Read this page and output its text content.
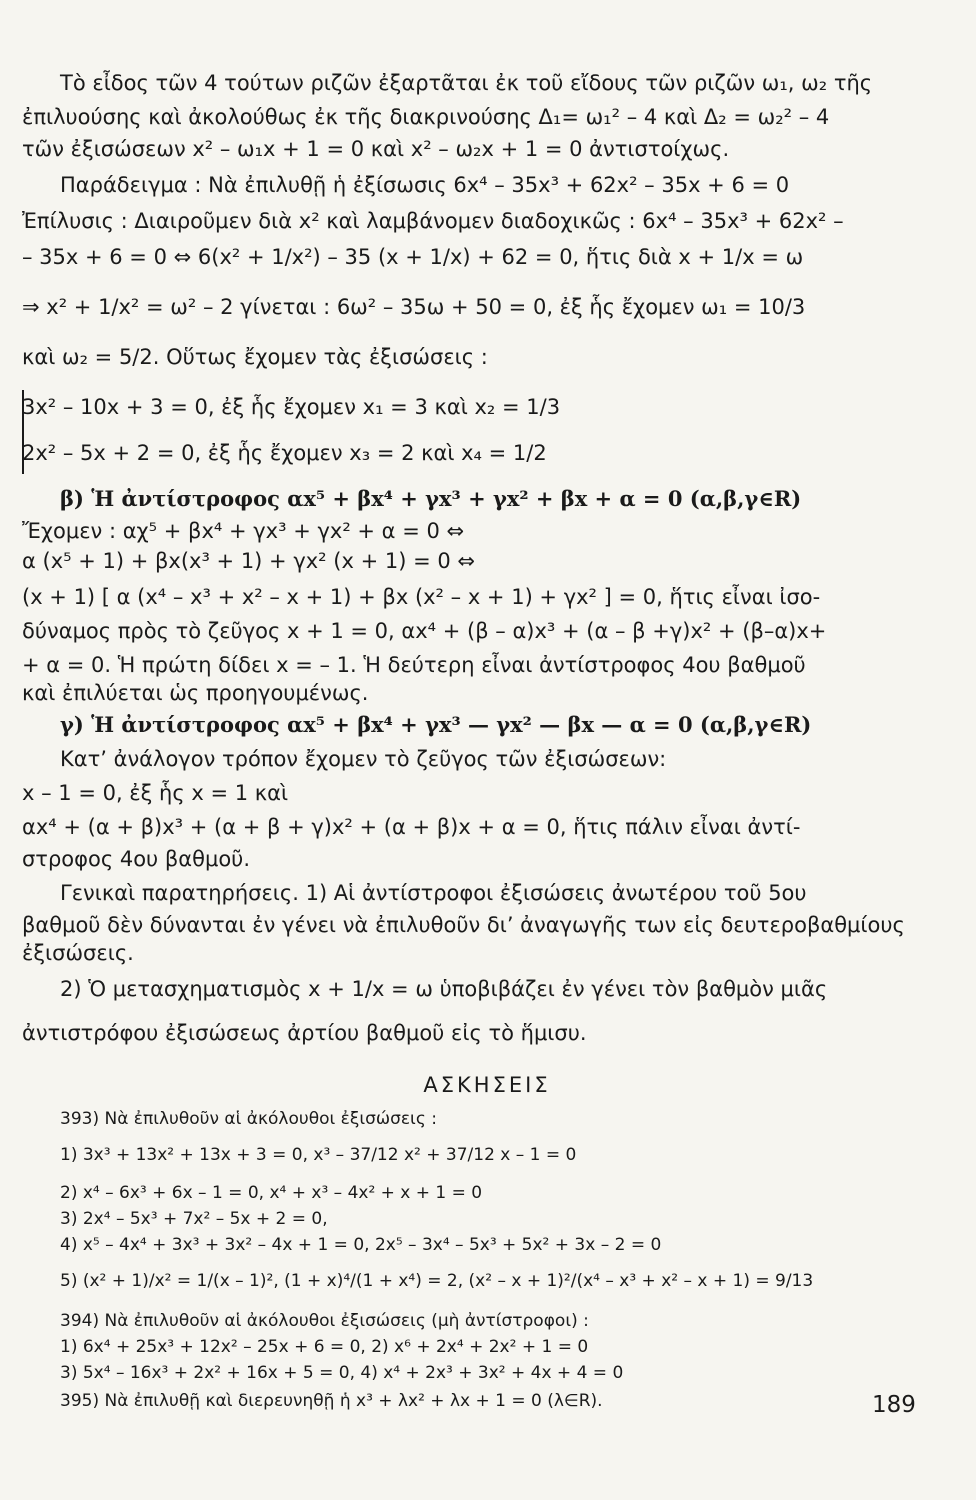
Τὸ εἶδος τῶν 4 τούτων ριζῶν ἐξαρτᾶται ἐκ τοῦ εἴδους τῶν ριζῶν ω₁, ω₂ τῆς
ἐπιλυούσης καὶ ἀκολούθως ἐκ τῆς διακρινούσης Δ₁= ω₁² – 4 καὶ Δ₂ = ω₂² – 4
τῶν ἐξισώσεων x² – ω₁x + 1 = 0 καὶ x² – ω₂x + 1 = 0 ἀντιστοίχως.
Παράδειγμα : Νὰ ἐπιλυθῇ ἡ ἐξίσωσις 6x⁴ – 35x³ + 62x² – 35x + 6 = 0
Ἐπίλυσις : Διαιροῦμεν διὰ x² καὶ λαμβάνομεν διαδοχικῶς : 6x⁴ – 35x³ + 62x² –
– 35x + 6 = 0 ⇔ 6(x² + 1/x²) – 35 (x + 1/x) + 62 = 0, ἥτις διὰ x + 1/x = ω
⇒ x² + 1/x² = ω² – 2 γίνεται : 6ω² – 35ω + 50 = 0, ἐξ ἧς ἔχομεν ω₁ = 10/3
καὶ ω₂ = 5/2. Οὕτως ἔχομεν τὰς ἐξισώσεις :
3x² – 10x + 3 = 0, ἐξ ἧς ἔχομεν x₁ = 3 καὶ x₂ = 1/3
2x² – 5x + 2 = 0, ἐξ ἧς ἔχομεν x₃ = 2 καὶ x₄ = 1/2
β) Ἡ ἀντίστροφος αx⁵ + βx⁴ + γx³ + γx² + βx + α = 0 (α,β,γ∈R)
Ἔχομεν : αχ⁵ + βx⁴ + γx³ + γx² + α = 0 ⇔
α (x⁵ + 1) + βx(x³ + 1) + γx² (x + 1) = 0 ⇔
(x + 1) [ α (x⁴ – x³ + x² – x + 1) + βx (x² – x + 1) + γx² ] = 0, ἥτις εἶναι ἰσο-
δύναμος πρὸς τὸ ζεῦγος x + 1 = 0, αx⁴ + (β – α)x³ + (α – β +γ)x² + (β–α)x+
+ α = 0. Ἡ πρώτη δίδει x = – 1. Ἡ δεύτερη εἶναι ἀντίστροφος 4ου βαθμοῦ
καὶ ἐπιλύεται ὡς προηγουμένως.
γ) Ἡ ἀντίστροφος αx⁵ + βx⁴ + γx³ — γx² — βx — α = 0 (α,β,γ∈R)
Κατ’ ἀνάλογον τρόπον ἔχομεν τὸ ζεῦγος τῶν ἐξισώσεων:
x – 1 = 0, ἐξ ἧς x = 1 καὶ
αx⁴ + (α + β)x³ + (α + β + γ)x² + (α + β)x + α = 0, ἥτις πάλιν εἶναι ἀντί-
στροφος 4ου βαθμοῦ.
Γενικαὶ παρατηρήσεις. 1) Αἱ ἀντίστροφοι ἐξισώσεις ἀνωτέρου τοῦ 5ου
βαθμοῦ δὲν δύνανται ἐν γένει νὰ ἐπιλυθοῦν δι’ ἀναγωγῆς των εἰς δευτεροβαθμίους
ἐξισώσεις.
2) Ὁ μετασχηματισμὸς x + 1/x = ω ὑποβιβάζει ἐν γένει τὸν βαθμὸν μιᾶς
ἀντιστρόφου ἐξισώσεως ἀρτίου βαθμοῦ εἰς τὸ ἥμισυ.
ΑΣΚΗΣΕΙΣ
393) Νὰ ἐπιλυθοῦν αἱ ἀκόλουθοι ἐξισώσεις :
1) 3x³ + 13x² + 13x + 3 = 0, x³ – 37/12 x² + 37/12 x – 1 = 0
2) x⁴ – 6x³ + 6x – 1 = 0, x⁴ + x³ – 4x² + x + 1 = 0
3) 2x⁴ – 5x³ + 7x² – 5x + 2 = 0,
4) x⁵ – 4x⁴ + 3x³ + 3x² – 4x + 1 = 0, 2x⁵ – 3x⁴ – 5x³ + 5x² + 3x – 2 = 0
5) (x² + 1)/x² = 1/(x – 1)², (1 + x)⁴/(1 + x⁴) = 2, (x² – x + 1)²/(x⁴ – x³ + x² – x + 1) = 9/13
394) Νὰ ἐπιλυθοῦν αἱ ἀκόλουθοι ἐξισώσεις (μὴ ἀντίστροφοι) :
1) 6x⁴ + 25x³ + 12x² – 25x + 6 = 0, 2) x⁶ + 2x⁴ + 2x² + 1 = 0
3) 5x⁴ – 16x³ + 2x² + 16x + 5 = 0, 4) x⁴ + 2x³ + 3x² + 4x + 4 = 0
395) Νὰ ἐπιλυθῇ καὶ διερευνηθῇ ἡ x³ + λx² + λx + 1 = 0 (λ∈R).	189
